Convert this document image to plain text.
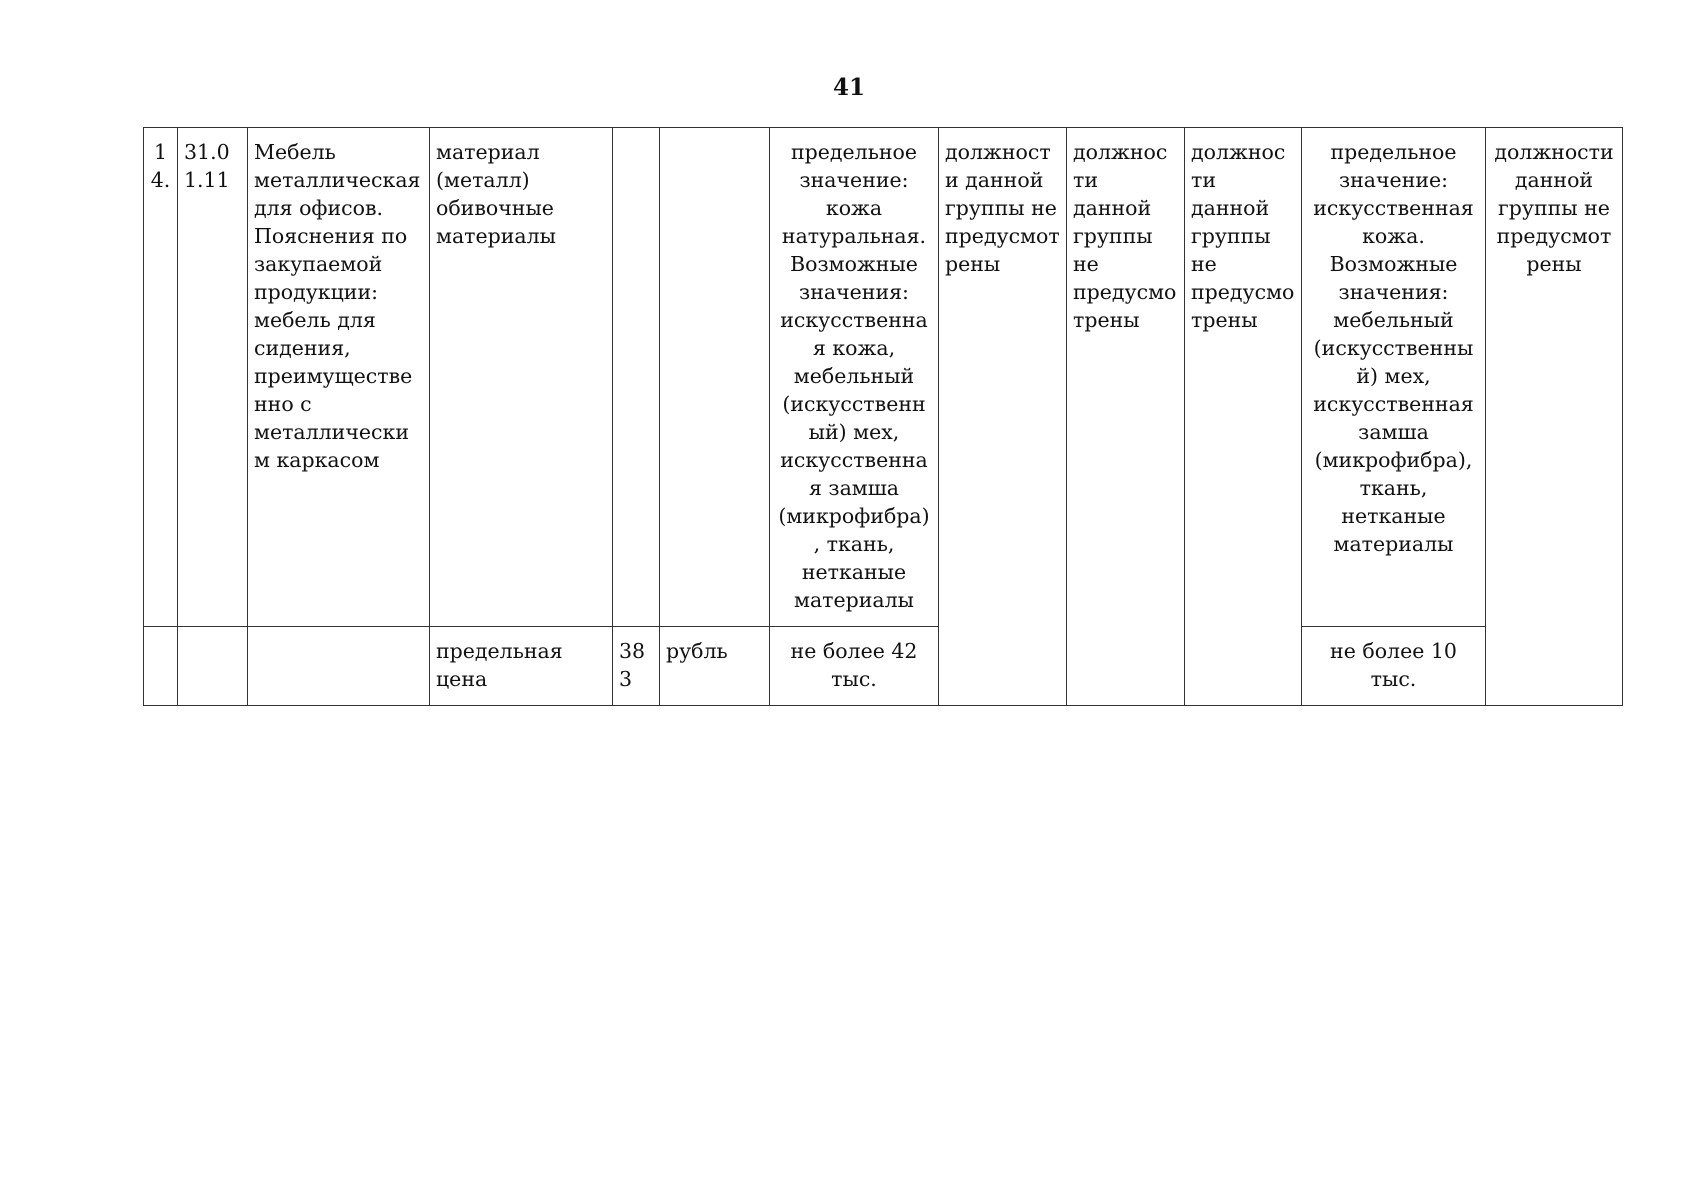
41
14.	31.01.11	Мебель металлическая для офисов. Пояснения по закупаемой продукции: мебель для сидения, преимущественно с металлическим каркасом	материал (металл) обивочные материалы			предельное значение: кожа натуральная. Возможные значения: искусственная кожа, мебельный (искусственный) мех, искусственная замша (микрофибра), ткань, нетканые материалы	должности данной группы не предусмотрены	должности данной группы не предусмотрены	должности данной группы не предусмотрены	предельное значение: искусственная кожа. Возможные значения: мебельный (искусственный) мех, искусственная замша (микрофибра), ткань, нетканые материалы	должности данной группы не предусмотрены
			предельная цена	383	рубль	не более 42 тыс.				не более 10 тыс.	
